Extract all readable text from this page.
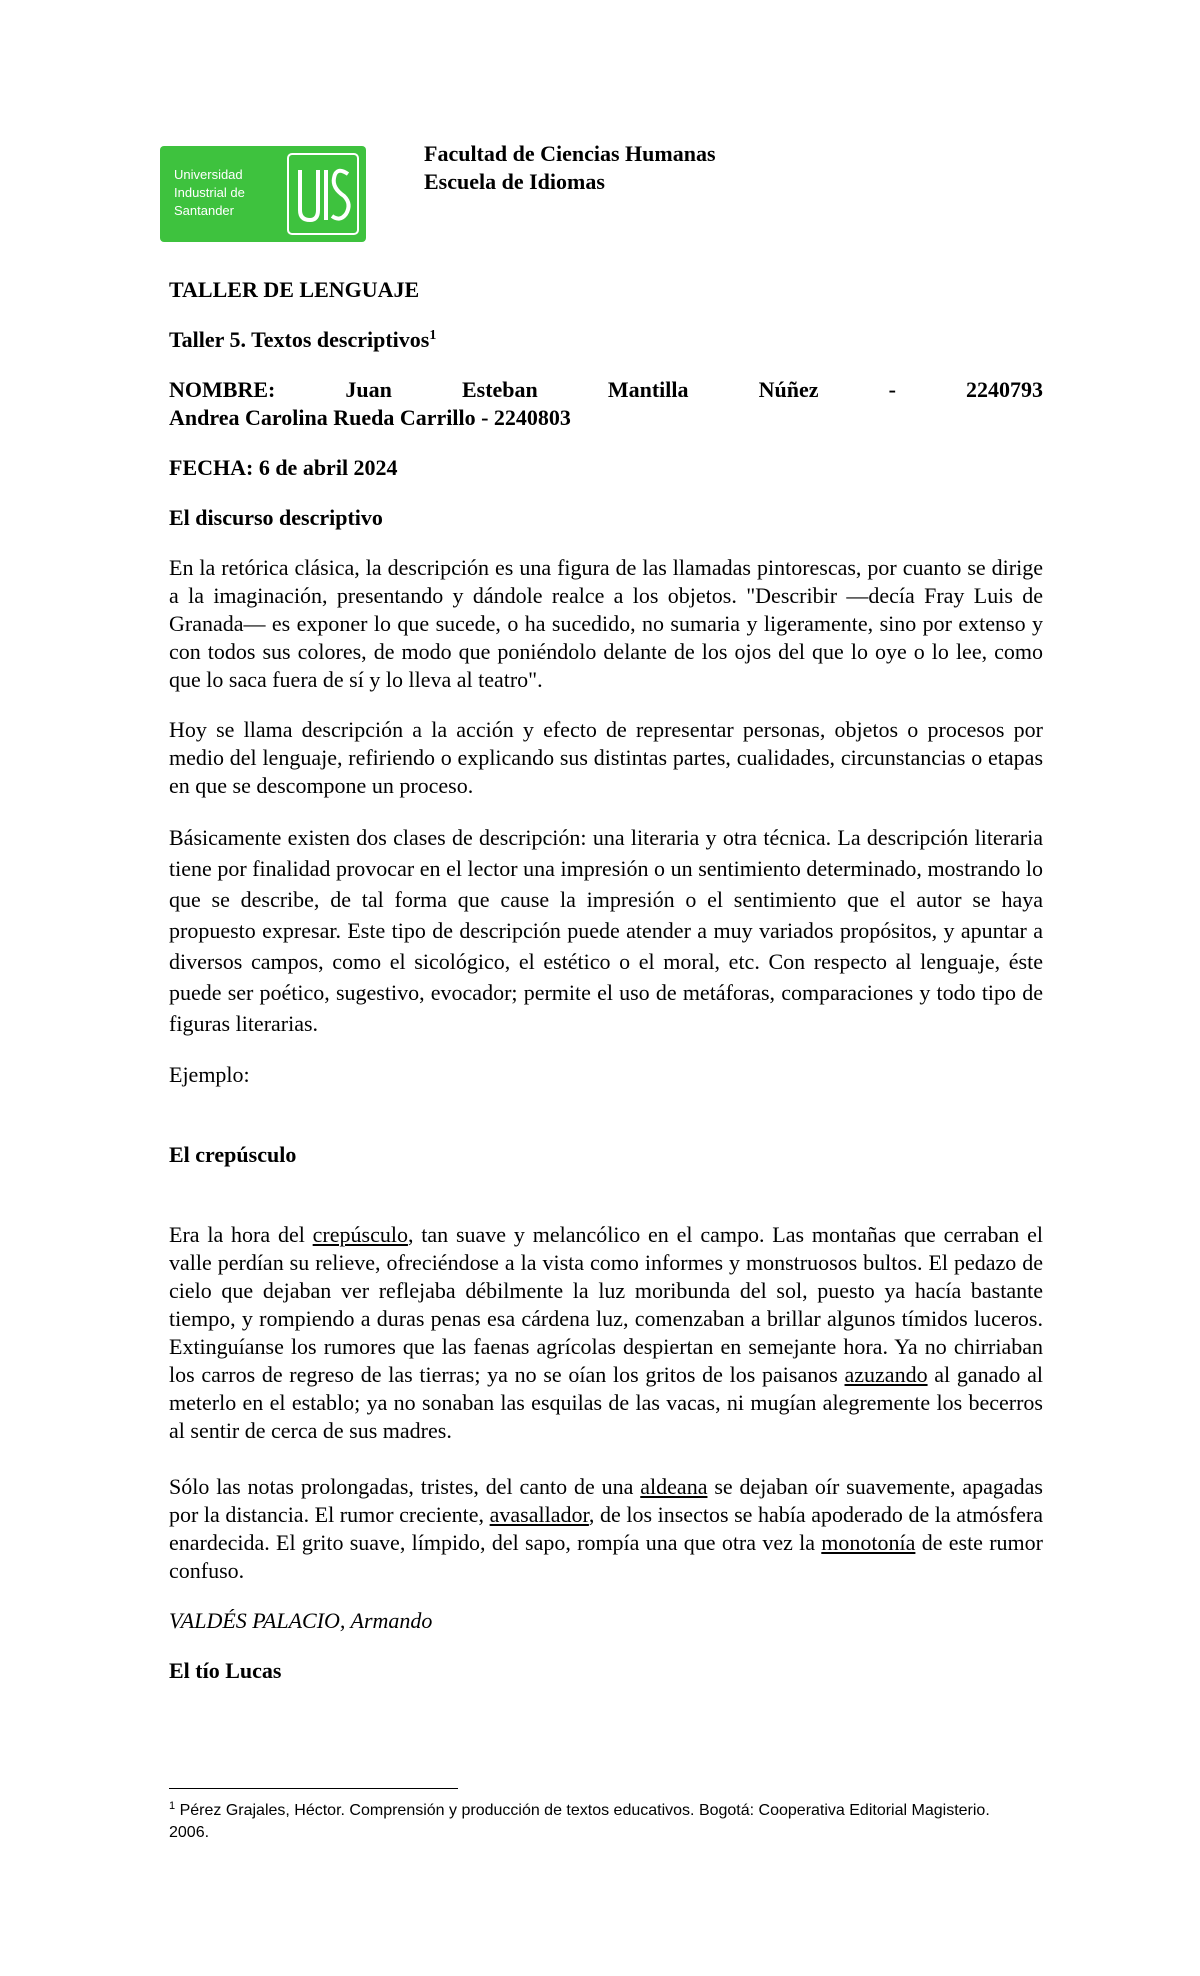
Universidad
Industrial de
Santander
Facultad de Ciencias Humanas
Escuela de Idiomas

TALLER DE LENGUAJE

Taller 5. Textos descriptivos$^1$

NOMBRE: Juan Esteban Mantilla Núñez - 2240793

Andrea Carolina Rueda Carrillo - 2240803

FECHA: 6 de abril 2024

El discurso descriptivo

En la retórica clásica, la descripción es una figura de las llamadas pintorescas, por cuanto se dirige a la imaginación, presentando y dándole realce a los objetos. "Describir —decía Fray Luis de Granada— es exponer lo que sucede, o ha sucedido, no sumaria y ligeramente, sino por extenso y con todos sus colores, de modo que poniéndolo delante de los ojos del que lo oye o lo lee, como que lo saca fuera de sí y lo lleva al teatro".

Hoy se llama descripción a la acción y efecto de representar personas, objetos o procesos por medio del lenguaje, refiriendo o explicando sus distintas partes, cualidades, circunstancias o etapas en que se descompone un proceso.

Básicamente existen dos clases de descripción: una literaria y otra técnica. La descripción literaria tiene por finalidad provocar en el lector una impresión o un sentimiento determinado, mostrando lo que se describe, de tal forma que cause la impresión o el sentimiento que el autor se haya propuesto expresar. Este tipo de descripción puede atender a muy variados propósitos, y apuntar a diversos campos, como el sicológico, el estético o el moral, etc. Con respecto al lenguaje, éste puede ser poético, sugestivo, evocador; permite el uso de metáforas, comparaciones y todo tipo de figuras literarias.

Ejemplo:

El crepúsculo

Era la hora del crepúsculo, tan suave y melancólico en el campo. Las montañas que cerraban el valle perdían su relieve, ofreciéndose a la vista como informes y monstruosos bultos. El pedazo de cielo que dejaban ver reflejaba débilmente la luz moribunda del sol, puesto ya hacía bastante tiempo, y rompiendo a duras penas esa cárdena luz, comenzaban a brillar algunos tímidos luceros. Extinguíanse los rumores que las faenas agrícolas despiertan en semejante hora. Ya no chirriaban los carros de regreso de las tierras; ya no se oían los gritos de los paisanos azuzando al ganado al meterlo en el establo; ya no sonaban las esquilas de las vacas, ni mugían alegremente los becerros al sentir de cerca de sus madres.

Sólo las notas prolongadas, tristes, del canto de una aldeana se dejaban oír suavemente, apagadas por la distancia. El rumor creciente, avasallador, de los insectos se había apoderado de la atmósfera enardecida. El grito suave, límpido, del sapo, rompía una que otra vez la monotonía de este rumor confuso.

VALDÉS PALACIO, Armando

El tío Lucas

$^1$ Pérez Grajales, Héctor. Comprensión y producción de textos educativos. Bogotá: Cooperativa Editorial Magisterio. 2006.
